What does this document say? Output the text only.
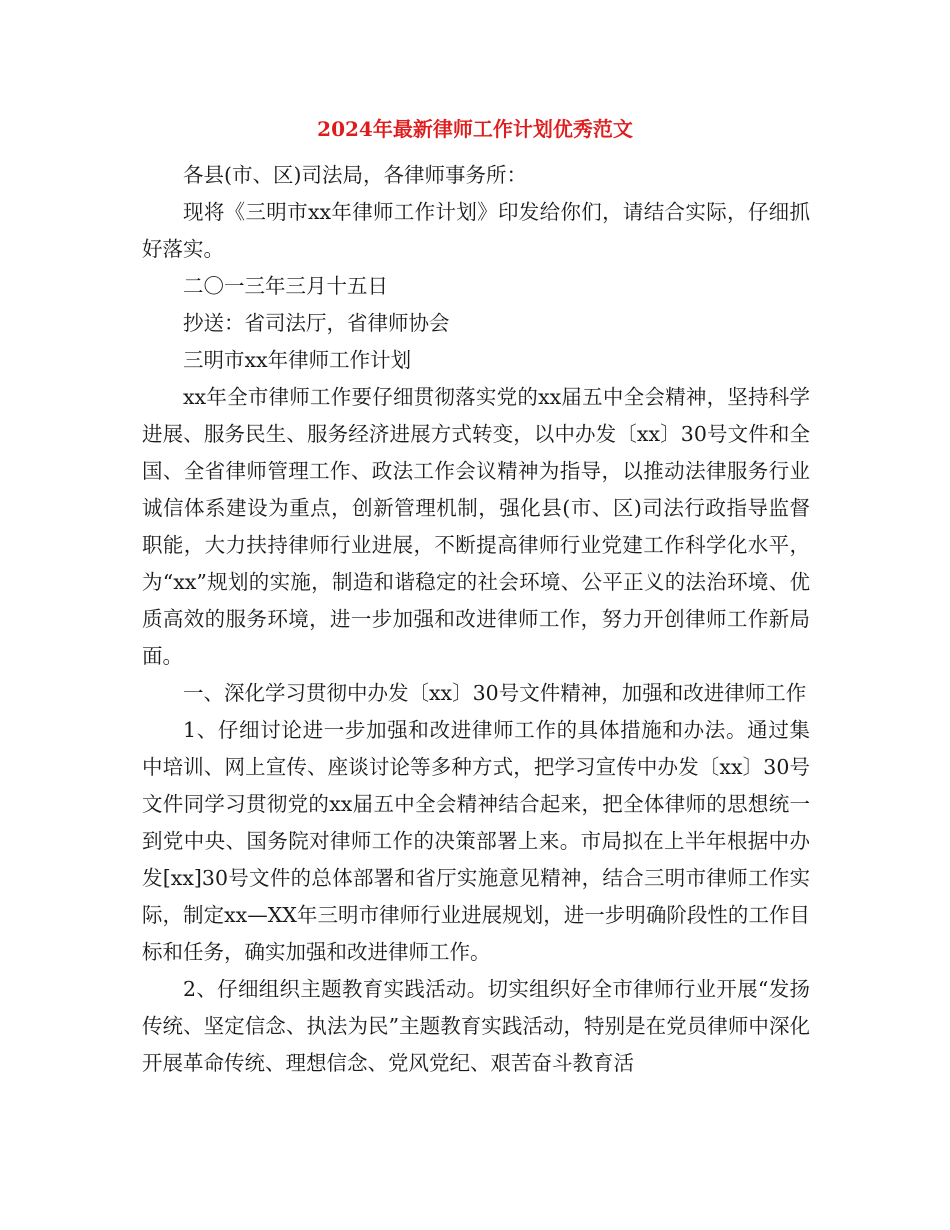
2024年最新律师工作计划优秀范文

各县(市、区)司法局，各律师事务所：

现将《三明市xx年律师工作计划》印发给你们，请结合实际，仔细抓好落实。

二〇一三年三月十五日

抄送：省司法厅，省律师协会

三明市xx年律师工作计划

xx年全市律师工作要仔细贯彻落实党的xx届五中全会精神，坚持科学进展、服务民生、服务经济进展方式转变，以中办发〔xx〕30号文件和全国、全省律师管理工作、政法工作会议精神为指导，以推动法律服务行业诚信体系建设为重点，创新管理机制，强化县(市、区)司法行政指导监督职能，大力扶持律师行业进展，不断提高律师行业党建工作科学化水平，为“xx”规划的实施，制造和谐稳定的社会环境、公平正义的法治环境、优质高效的服务环境，进一步加强和改进律师工作，努力开创律师工作新局面。

一、深化学习贯彻中办发〔xx〕30号文件精神，加强和改进律师工作

1、仔细讨论进一步加强和改进律师工作的具体措施和办法。通过集中培训、网上宣传、座谈讨论等多种方式，把学习宣传中办发〔xx〕30号文件同学习贯彻党的xx届五中全会精神结合起来，把全体律师的思想统一到党中央、国务院对律师工作的决策部署上来。市局拟在上半年根据中办发[xx]30号文件的总体部署和省厅实施意见精神，结合三明市律师工作实际，制定xx—XX年三明市律师行业进展规划，进一步明确阶段性的工作目标和任务，确实加强和改进律师工作。

2、仔细组织主题教育实践活动。切实组织好全市律师行业开展“发扬传统、坚定信念、执法为民”主题教育实践活动，特别是在党员律师中深化开展革命传统、理想信念、党风党纪、艰苦奋斗教育活
